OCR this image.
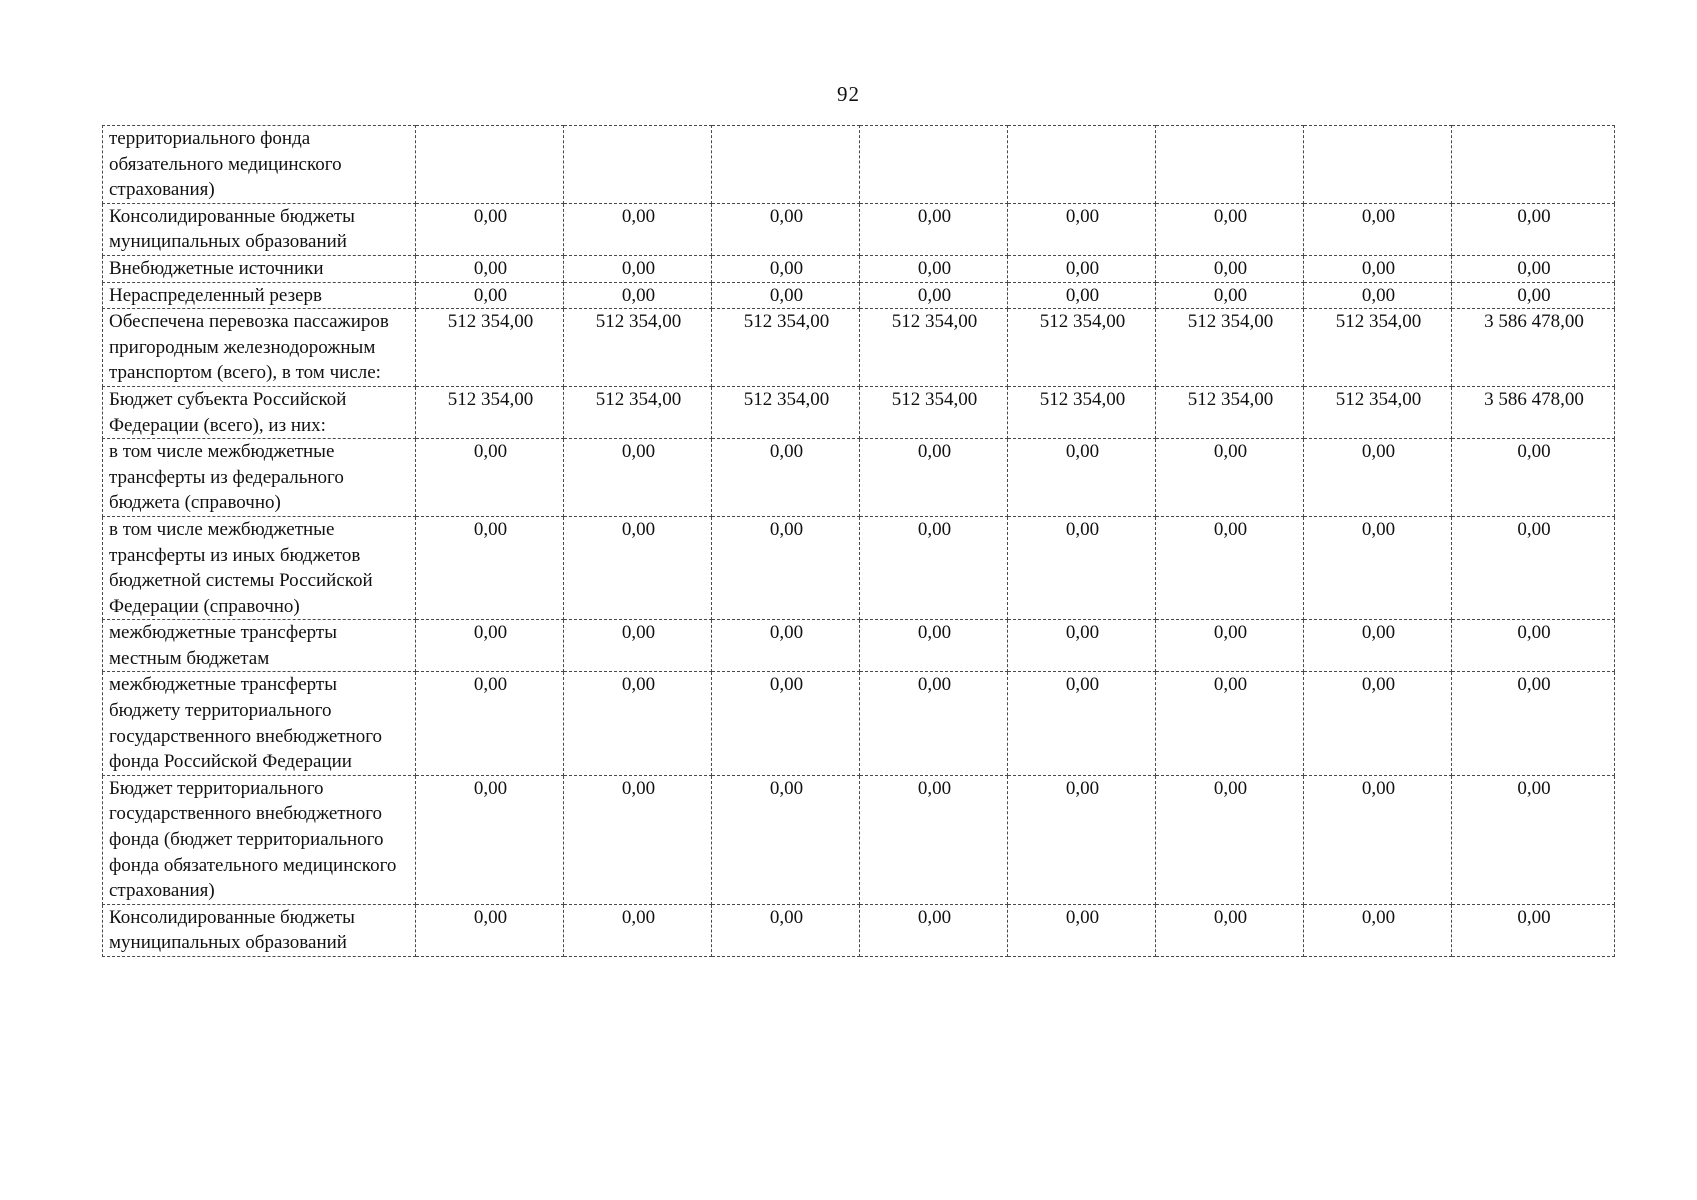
92
территориального фонда обязательного медицинского страхования)								
Консолидированные бюджеты муниципальных образований	0,00	0,00	0,00	0,00	0,00	0,00	0,00	0,00
Внебюджетные источники	0,00	0,00	0,00	0,00	0,00	0,00	0,00	0,00
Нераспределенный резерв	0,00	0,00	0,00	0,00	0,00	0,00	0,00	0,00
Обеспечена перевозка пассажиров пригородным железнодорожным транспортом (всего), в том числе:	512 354,00	512 354,00	512 354,00	512 354,00	512 354,00	512 354,00	512 354,00	3 586 478,00
Бюджет субъекта Российской Федерации (всего), из них:	512 354,00	512 354,00	512 354,00	512 354,00	512 354,00	512 354,00	512 354,00	3 586 478,00
в том числе межбюджетные трансферты из федерального бюджета (справочно)	0,00	0,00	0,00	0,00	0,00	0,00	0,00	0,00
в том числе межбюджетные трансферты из иных бюджетов бюджетной системы Российской Федерации (справочно)	0,00	0,00	0,00	0,00	0,00	0,00	0,00	0,00
межбюджетные трансферты местным бюджетам	0,00	0,00	0,00	0,00	0,00	0,00	0,00	0,00
межбюджетные трансферты бюджету территориального государственного внебюджетного фонда Российской Федерации	0,00	0,00	0,00	0,00	0,00	0,00	0,00	0,00
Бюджет территориального государственного внебюджетного фонда (бюджет территориального фонда обязательного медицинского страхования)	0,00	0,00	0,00	0,00	0,00	0,00	0,00	0,00
Консолидированные бюджеты муниципальных образований	0,00	0,00	0,00	0,00	0,00	0,00	0,00	0,00
